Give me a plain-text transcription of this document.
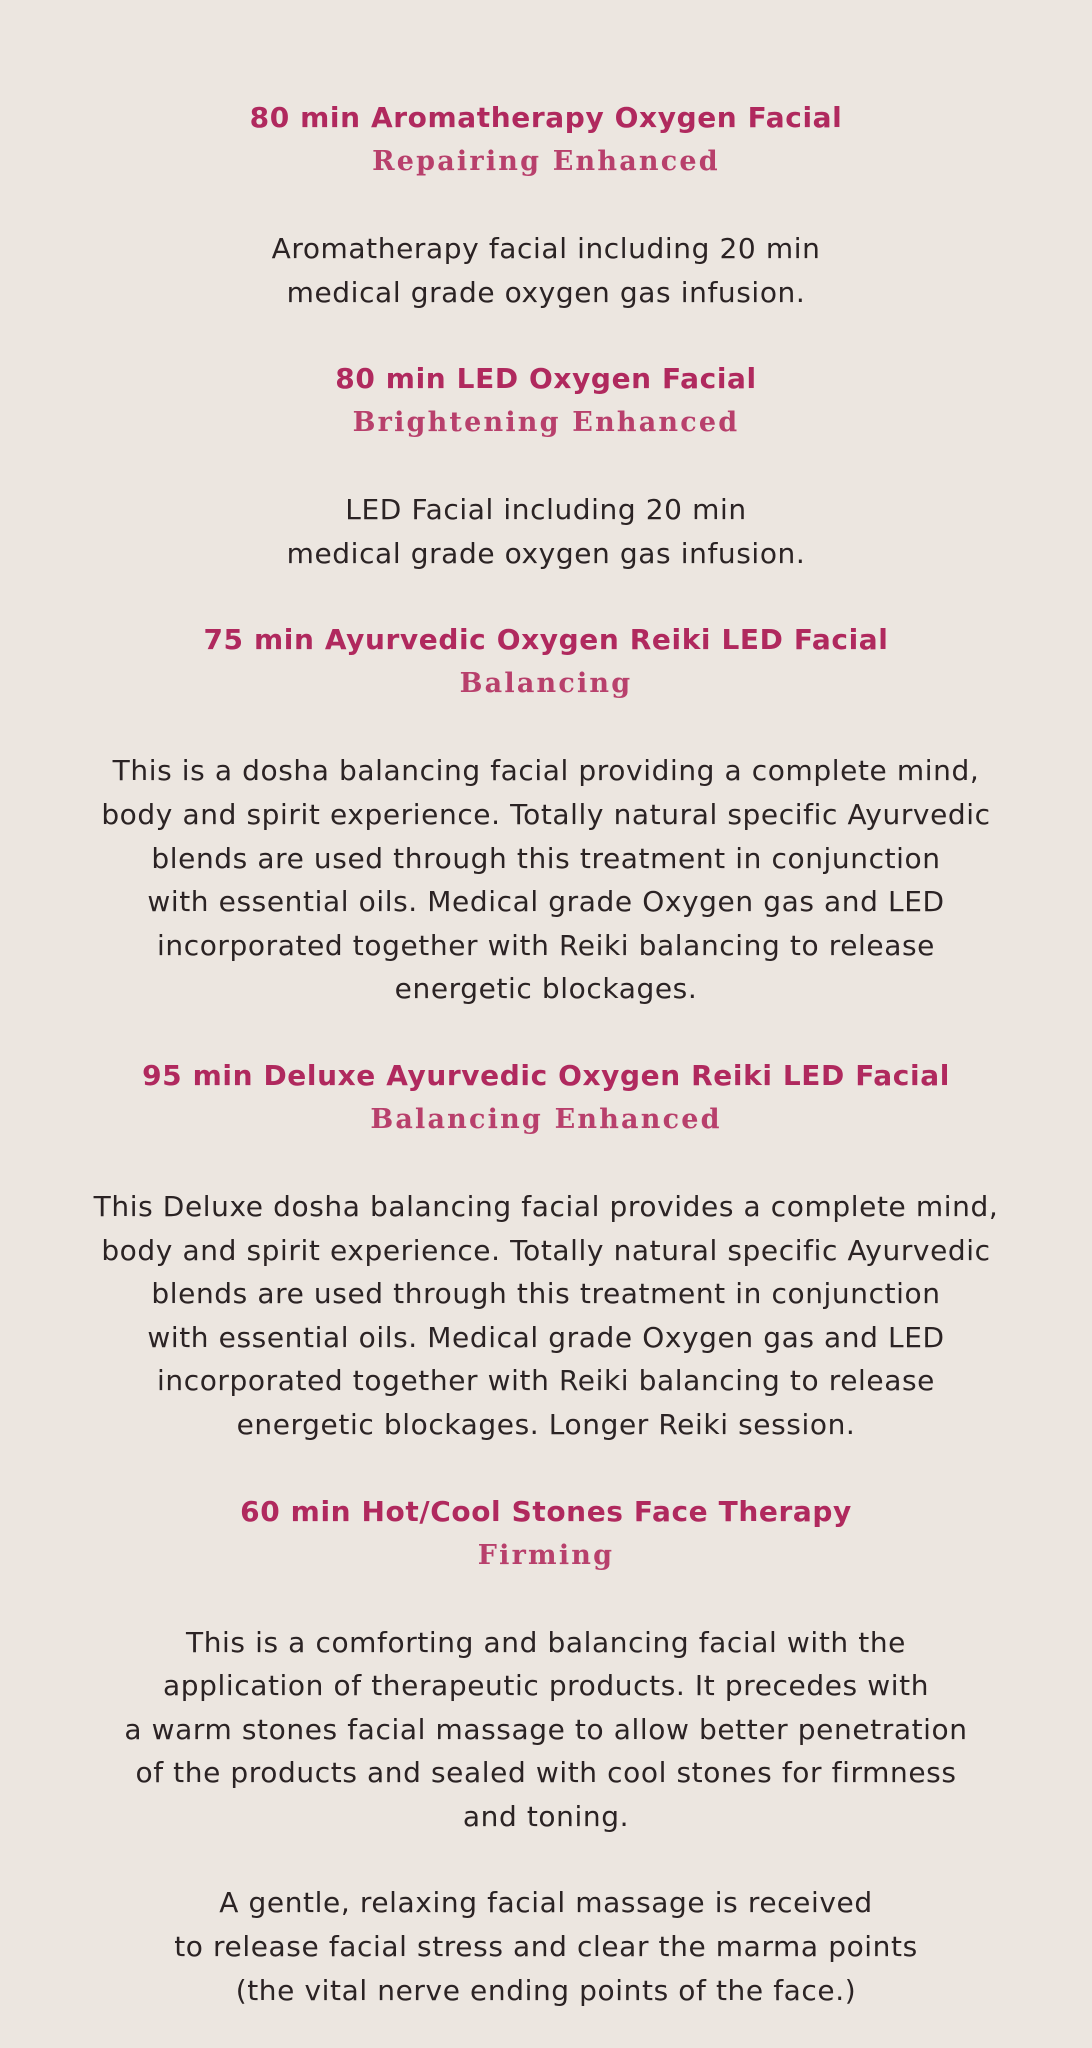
80 min Aromatherapy Oxygen Facial
Repairing Enhanced

Aromatherapy facial including 20 min
medical grade oxygen gas infusion.

80 min LED Oxygen Facial
Brightening Enhanced

LED Facial including 20 min
medical grade oxygen gas infusion.

75 min Ayurvedic Oxygen Reiki LED Facial
Balancing

This is a dosha balancing facial providing a complete mind,
body and spirit experience. Totally natural specific Ayurvedic
blends are used through this treatment in conjunction
with essential oils. Medical grade Oxygen gas and LED
incorporated together with Reiki balancing to release
energetic blockages.

95 min Deluxe Ayurvedic Oxygen Reiki LED Facial
Balancing Enhanced

This Deluxe dosha balancing facial provides a complete mind,
body and spirit experience. Totally natural specific Ayurvedic
blends are used through this treatment in conjunction
with essential oils. Medical grade Oxygen gas and LED
incorporated together with Reiki balancing to release
energetic blockages. Longer Reiki session.

60 min Hot/Cool Stones Face Therapy
Firming

This is a comforting and balancing facial with the
application of therapeutic products. It precedes with
a warm stones facial massage to allow better penetration
of the products and sealed with cool stones for firmness
and toning.

A gentle, relaxing facial massage is received
to release facial stress and clear the marma points
(the vital nerve ending points of the face.)
